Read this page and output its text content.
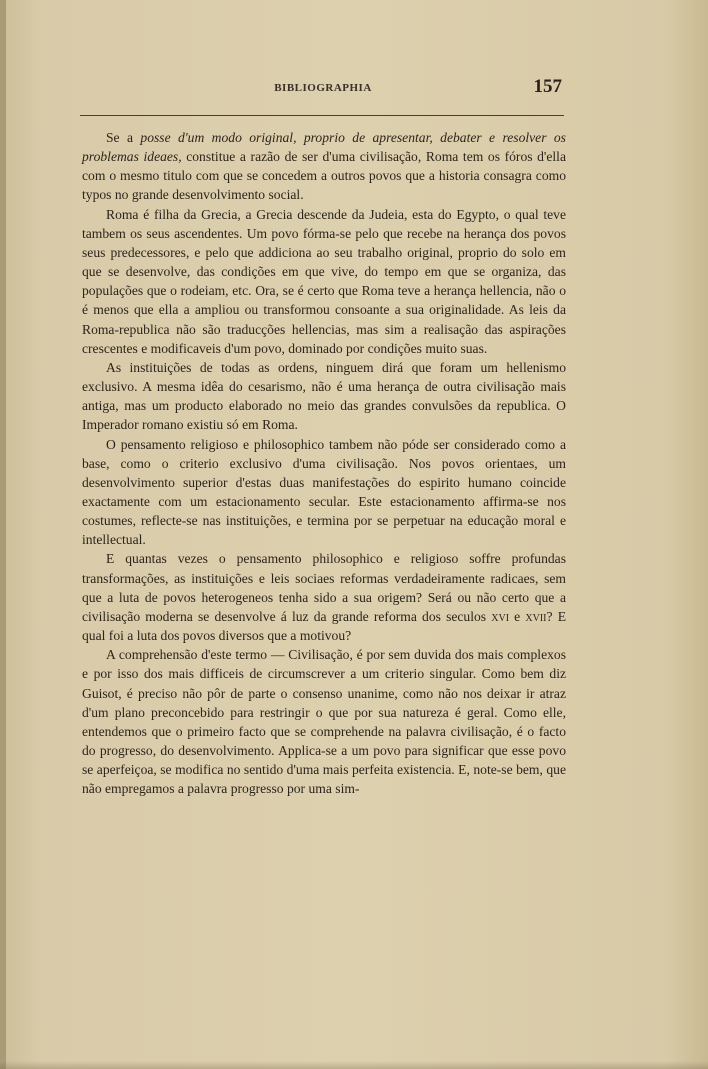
BIBLIOGRAPHIA	157

Se a posse d'um modo original, proprio de apresentar, debater e resolver os problemas ideaes, constitue a razão de ser d'uma civilisação, Roma tem os fóros d'ella com o mesmo titulo com que se concedem a outros povos que a historia consagra como typos no grande desenvolvimento social.

Roma é filha da Grecia, a Grecia descende da Judeia, esta do Egypto, o qual teve tambem os seus ascendentes. Um povo fórma-se pelo que recebe na herança dos povos seus predecessores, e pelo que addiciona ao seu trabalho original, proprio do solo em que se desenvolve, das condições em que vive, do tempo em que se organiza, das populações que o rodeiam, etc. Ora, se é certo que Roma teve a herança hellencia, não o é menos que ella a ampliou ou transformou consoante a sua originalidade. As leis da Roma-republica não são traducções hellencias, mas sim a realisação das aspirações crescentes e modificaveis d'um povo, dominado por condições muito suas.

As instituições de todas as ordens, ninguem dirá que foram um hellenismo exclusivo. A mesma idêa do cesarismo, não é uma herança de outra civilisação mais antiga, mas um producto elaborado no meio das grandes convulsões da republica. O Imperador romano existiu só em Roma.

O pensamento religioso e philosophico tambem não póde ser considerado como a base, como o criterio exclusivo d'uma civilisação. Nos povos orientaes, um desenvolvimento superior d'estas duas manifestações do espirito humano coincide exactamente com um estacionamento secular. Este estacionamento affirma-se nos costumes, reflecte-se nas instituições, e termina por se perpetuar na educação moral e intellectual.

E quantas vezes o pensamento philosophico e religioso soffre profundas transformações, as instituições e leis sociaes reformas verdadeiramente radicaes, sem que a luta de povos heterogeneos tenha sido a sua origem? Será ou não certo que a civilisação moderna se desenvolve á luz da grande reforma dos seculos xvi e xvii? E qual foi a luta dos povos diversos que a motivou?

A comprehensão d'este termo — Civilisação, é por sem duvida dos mais complexos e por isso dos mais difficeis de circumscrever a um criterio singular. Como bem diz Guisot, é preciso não pôr de parte o consenso unanime, como não nos deixar ir atraz d'um plano preconcebido para restringir o que por sua natureza é geral. Como elle, entendemos que o primeiro facto que se comprehende na palavra civilisação, é o facto do progresso, do desenvolvimento. Applica-se a um povo para significar que esse povo se aperfeiçoa, se modifica no sentido d'uma mais perfeita existencia. E, note-se bem, que não empregamos a palavra progresso por uma sim-
